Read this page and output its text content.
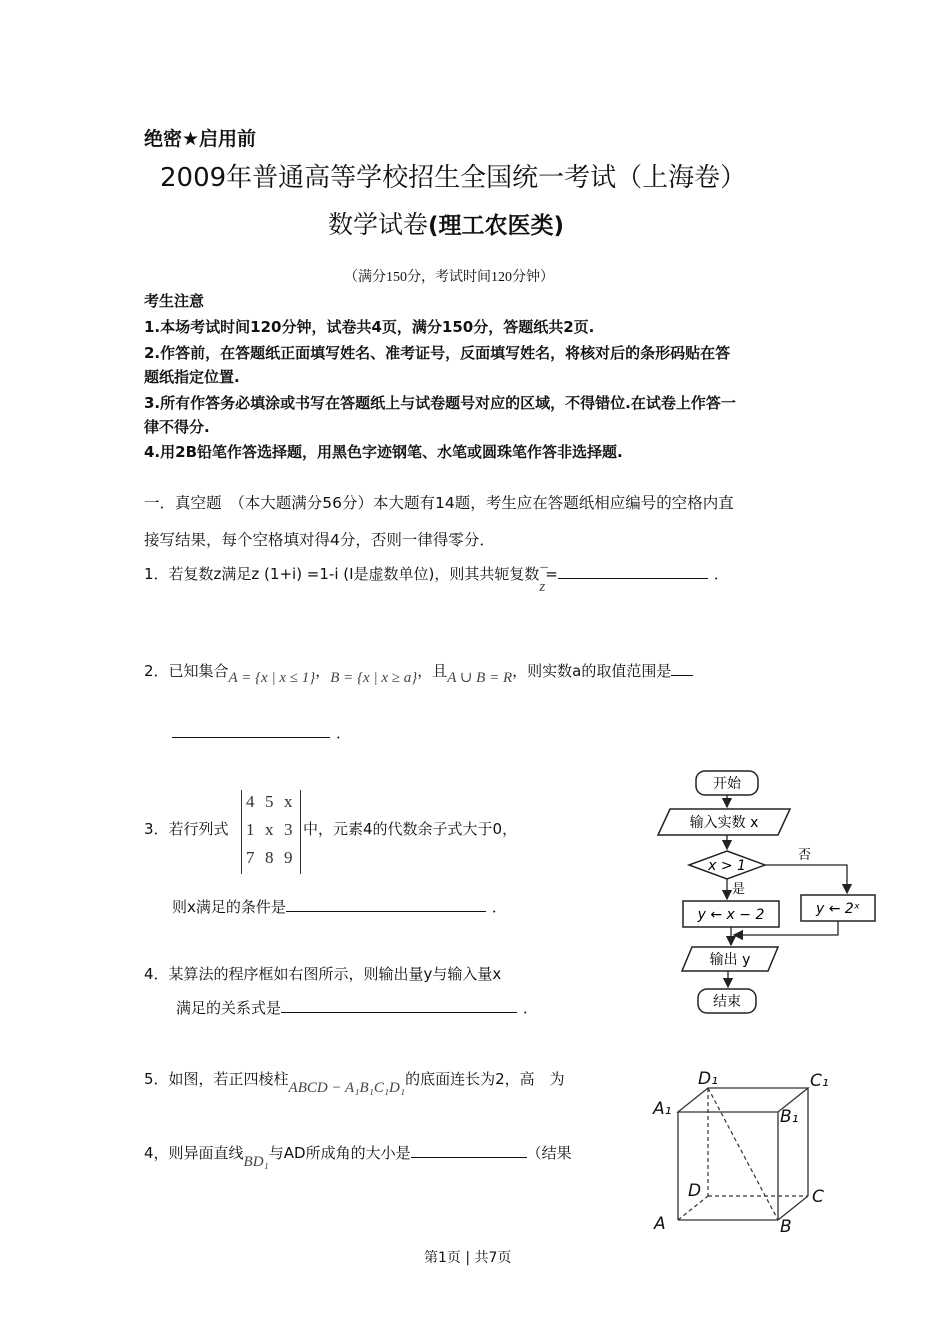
绝密★启用前
2009年普通高等学校招生全国统一考试（上海卷）
数学试卷(理工农医类)
（满分150分，考试时间120分钟）
考生注意
1.本场考试时间120分钟，试卷共4页，满分150分，答题纸共2页.
2.作答前，在答题纸正面填写姓名、准考证号，反面填写姓名，将核对后的条形码贴在答
题纸指定位置.
3.所有作答务必填涂或书写在答题纸上与试卷题号对应的区域，不得错位.在试卷上作答一
律不得分.
4.用2B铅笔作答选择题，用黑色字迹钢笔、水笔或圆珠笔作答非选择题.
一．真空题　（本大题满分56分）本大题有14题，考生应在答题纸相应编号的空格内直
接写结果，每个空格填对得4分，否则一律得零分．
1．若复数z满足z (1+i) =1-i (I是虚数单位)，则其共轭复数
_
z=	．
2．已知集合A = {x | x ≤ 1}，B = {x | x ≥ a}，且A ∪ B = R，则实数a的取值范围是
．
3．若行列式
4 5 x
1 x 3
7 8 9
中，元素4的代数余子式大于0，
则x满足的条件是	．
4．某算法的程序框如右图所示，则输出量y与输入量x
满足的关系式是	．
5．如图，若正四棱柱ABCD − A₁B₁C₁D₁的底面连长为2，高　为
4，则异面直线BD₁与AD所成角的大小是	（结果
开始
输入实数 x
x > 1
否
是
y ← x − 2	y ← 2ˣ
输出 y
结束
D₁	C₁
A₁	B₁
D	C
A	B
第1页 | 共7页
